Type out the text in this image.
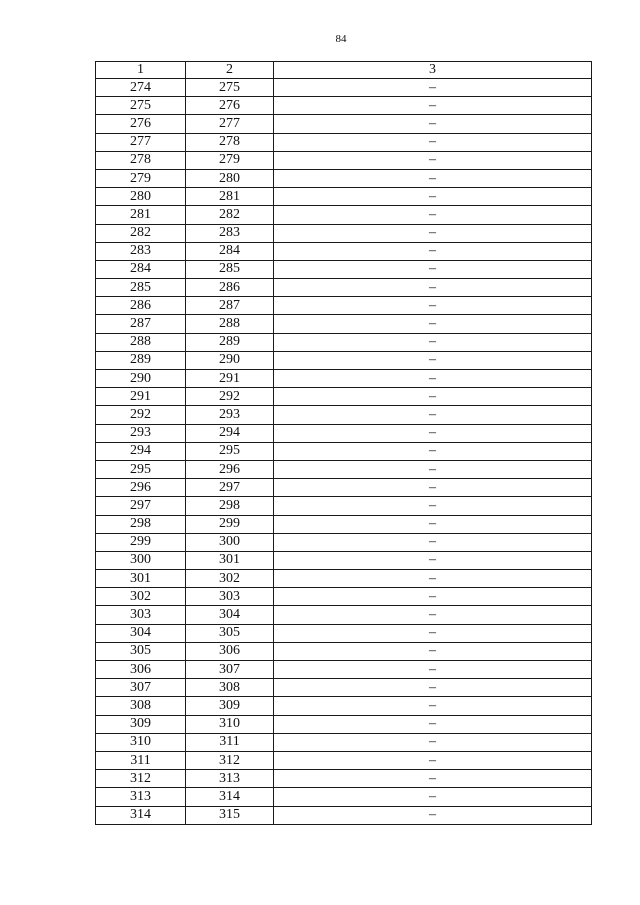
84
1	2	3
274	275	–
275	276	–
276	277	–
277	278	–
278	279	–
279	280	–
280	281	–
281	282	–
282	283	–
283	284	–
284	285	–
285	286	–
286	287	–
287	288	–
288	289	–
289	290	–
290	291	–
291	292	–
292	293	–
293	294	–
294	295	–
295	296	–
296	297	–
297	298	–
298	299	–
299	300	–
300	301	–
301	302	–
302	303	–
303	304	–
304	305	–
305	306	–
306	307	–
307	308	–
308	309	–
309	310	–
310	311	–
311	312	–
312	313	–
313	314	–
314	315	–
